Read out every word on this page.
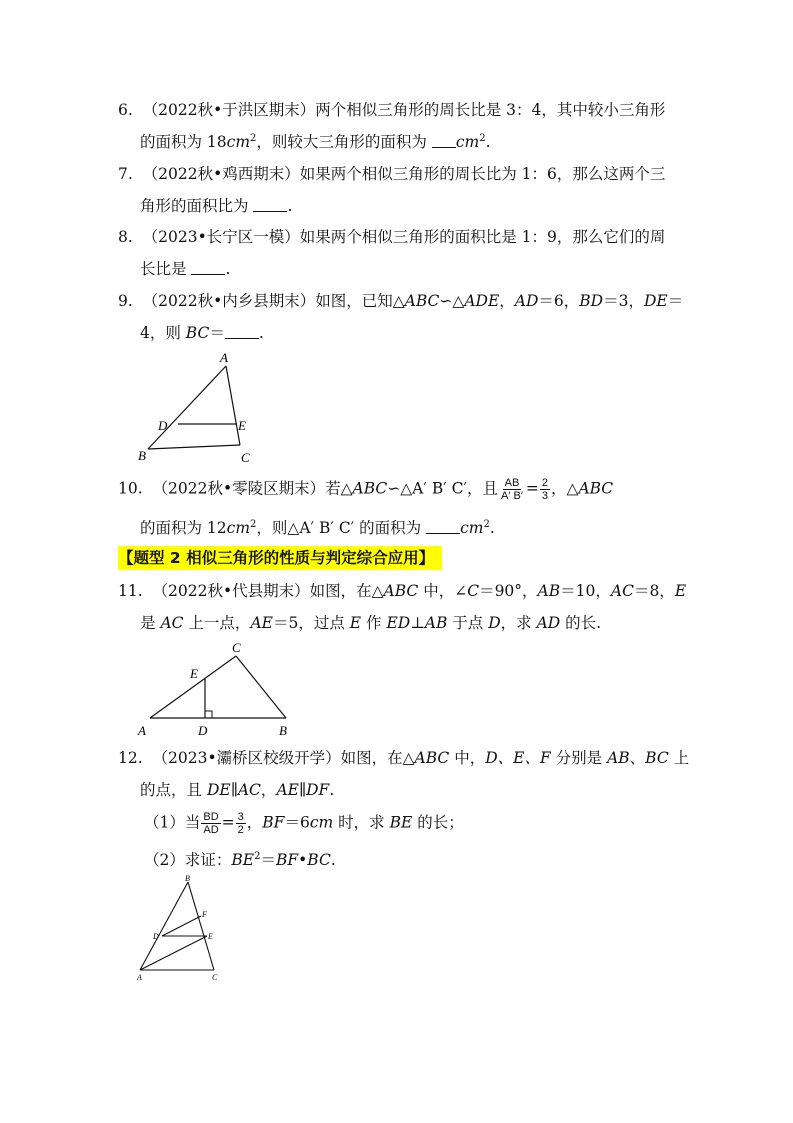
6. （2022秋•于洪区期末）两个相似三角形的周长比是 3：4，其中较小三角形
的面积为 $18cm^2$，则较大三角形的面积为 $cm^2$.
7. （2022秋•鸡西期末）如果两个相似三角形的周长比为 1：6，那么这两个三
角形的面积比为 .
8. （2023•长宁区一模）如果两个相似三角形的面积比是 1：9，那么它们的周
长比是 .
9. （2022秋•内乡县期末）如图，已知△ABC∽△ADE，AD＝6，BD＝3，DE＝
4，则 BC＝ .
A
D	E
B	C
10. （2022秋•零陵区期末）若△ABC∽△A′ B′ C′，且 $\frac{AB}{A' B'} = \frac{2}{3}$ ，△ABC
的面积为 $12cm^2$，则△A′ B′ C′ 的面积为 $cm^2$.
【题型 2 相似三角形的性质与判定综合应用】
11. （2022秋•代县期末）如图，在△ABC 中，∠C＝90°，AB＝10，AC＝8，E
是 AC 上一点，AE＝5，过点 E 作 ED⊥AB 于点 D，求 AD 的长.
C
E
A	D	B
12. （2023•灞桥区校级开学）如图，在△ABC 中，D、E、F 分别是 AB、BC 上
的点，且 DE∥AC，AE∥DF.
（1）当 $\frac{BD}{AD} = \frac{3}{2}$ ，BF＝6cm 时，求 BE 的长；
（2）求证：$BE^2=BF•BC$.
B
F
D	E
A	C
